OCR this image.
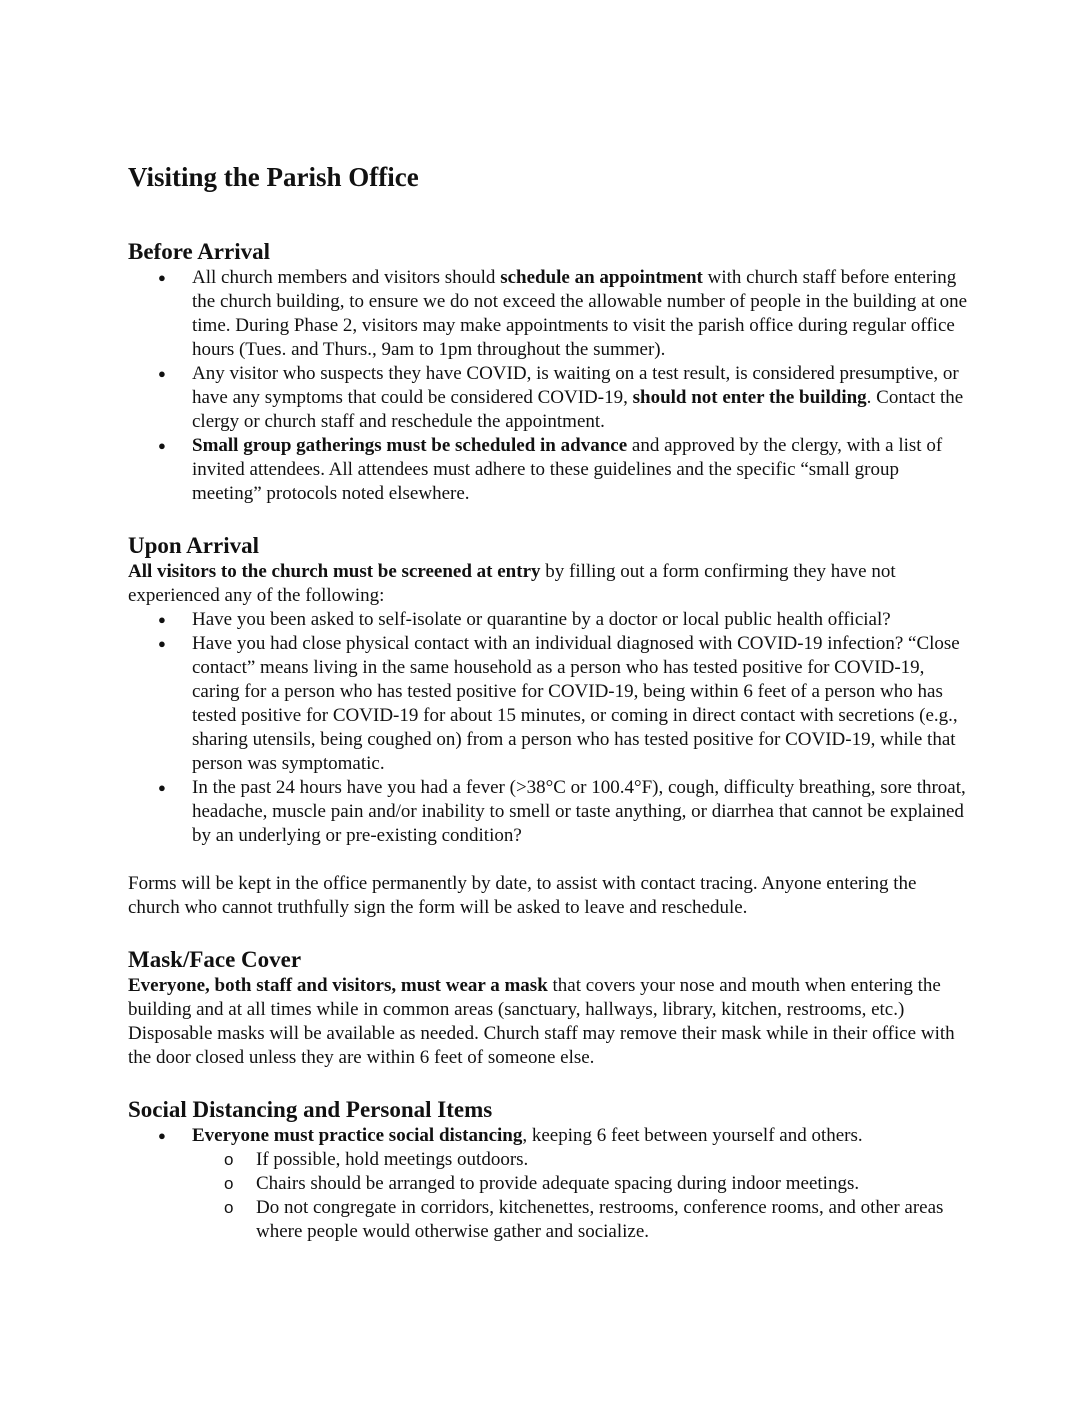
Visiting the Parish Office
Before Arrival
● All church members and visitors should schedule an appointment with church staff before entering the church building, to ensure we do not exceed the allowable number of people in the building at one time. During Phase 2, visitors may make appointments to visit the parish office during regular office hours (Tues. and Thurs., 9am to 1pm throughout the summer).
● Any visitor who suspects they have COVID, is waiting on a test result, is considered presumptive, or have any symptoms that could be considered COVID-19, should not enter the building. Contact the clergy or church staff and reschedule the appointment.
● Small group gatherings must be scheduled in advance and approved by the clergy, with a list of invited attendees. All attendees must adhere to these guidelines and the specific “small group meeting” protocols noted elsewhere.
Upon Arrival

All visitors to the church must be screened at entry by filling out a form confirming they have not experienced any of the following:

● Have you been asked to self-isolate or quarantine by a doctor or local public health official?
● Have you had close physical contact with an individual diagnosed with COVID-19 infection? “Close contact” means living in the same household as a person who has tested positive for COVID-19, caring for a person who has tested positive for COVID-19, being within 6 feet of a person who has tested positive for COVID-19 for about 15 minutes, or coming in direct contact with secretions (e.g., sharing utensils, being coughed on) from a person who has tested positive for COVID-19, while that person was symptomatic.
● In the past 24 hours have you had a fever (>38°C or 100.4°F), cough, difficulty breathing, sore throat, headache, muscle pain and/or inability to smell or taste anything, or diarrhea that cannot be explained by an underlying or pre-existing condition?

Forms will be kept in the office permanently by date, to assist with contact tracing. Anyone entering the church who cannot truthfully sign the form will be asked to leave and reschedule.

Mask/Face Cover

Everyone, both staff and visitors, must wear a mask that covers your nose and mouth when entering the building and at all times while in common areas (sanctuary, hallways, library, kitchen, restrooms, etc.) Disposable masks will be available as needed. Church staff may remove their mask while in their office with the door closed unless they are within 6 feet of someone else.

Social Distancing and Personal Items
● Everyone must practice social distancing, keeping 6 feet between yourself and others.
o If possible, hold meetings outdoors.
o Chairs should be arranged to provide adequate spacing during indoor meetings.
o Do not congregate in corridors, kitchenettes, restrooms, conference rooms, and other areas where people would otherwise gather and socialize.
